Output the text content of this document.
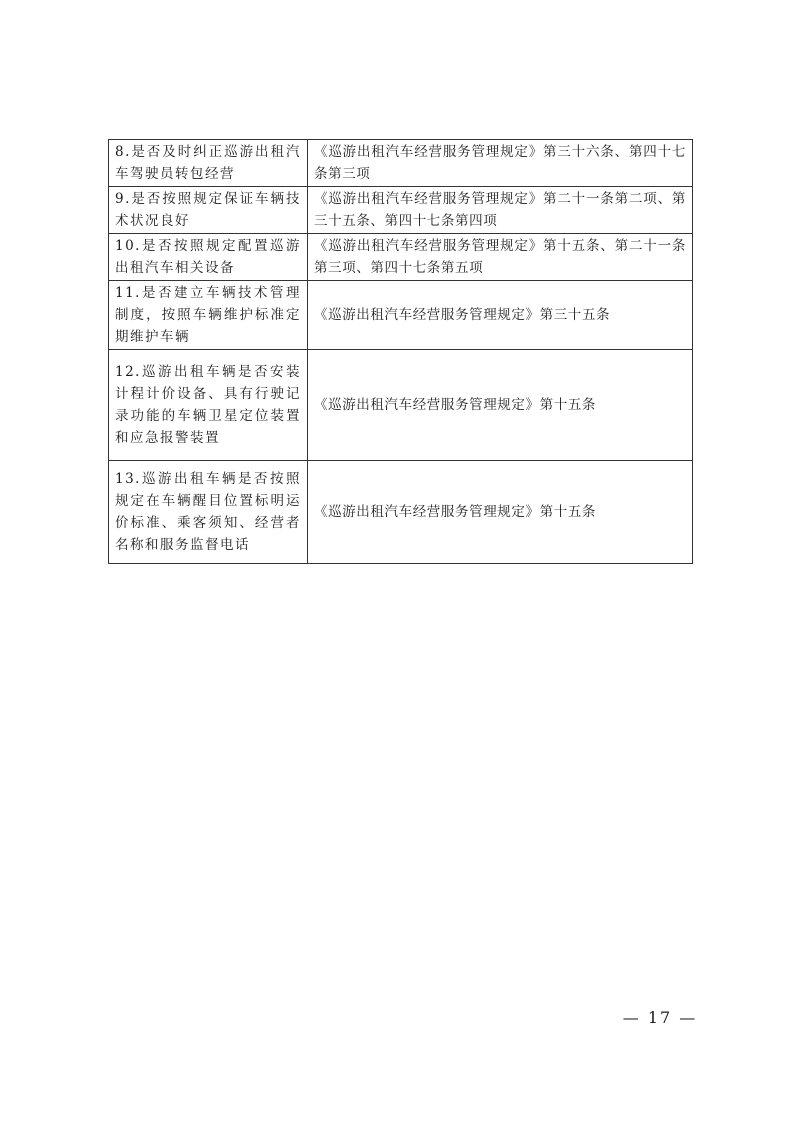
8.是否及时纠正巡游出租汽车驾驶员转包经营	《巡游出租汽车经营服务管理规定》第三十六条、第四十七条第三项
9.是否按照规定保证车辆技术状况良好	《巡游出租汽车经营服务管理规定》第二十一条第二项、第三十五条、第四十七条第四项
10.是否按照规定配置巡游出租汽车相关设备	《巡游出租汽车经营服务管理规定》第十五条、第二十一条第三项、第四十七条第五项
11.是否建立车辆技术管理制度，按照车辆维护标准定期维护车辆	《巡游出租汽车经营服务管理规定》第三十五条
12.巡游出租车辆是否安装计程计价设备、具有行驶记录功能的车辆卫星定位装置和应急报警装置	《巡游出租汽车经营服务管理规定》第十五条
13.巡游出租车辆是否按照规定在车辆醒目位置标明运价标准、乘客须知、经营者名称和服务监督电话	《巡游出租汽车经营服务管理规定》第十五条
— 17 —
